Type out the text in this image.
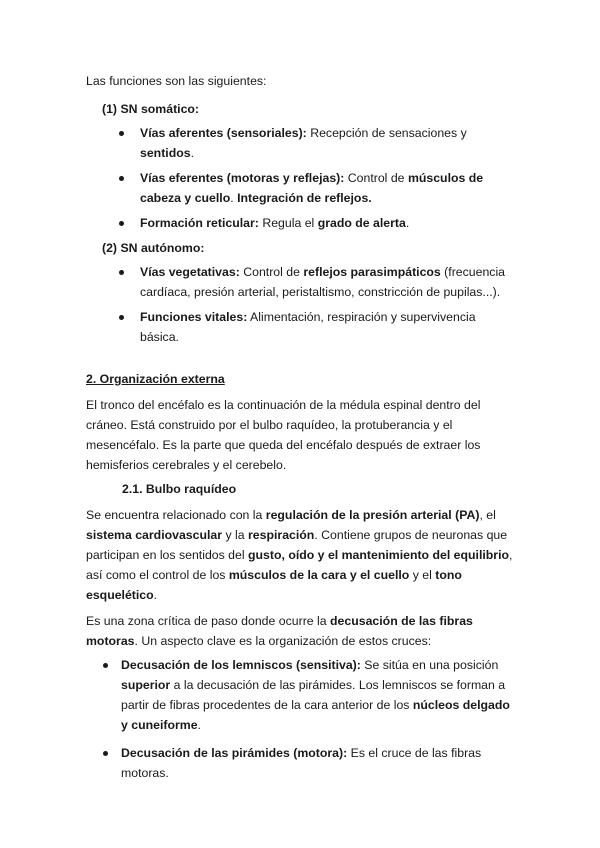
Las funciones son las siguientes:

(1) SN somático:

Vías aferentes (sensoriales): Recepción de sensaciones y sentidos.
Vías eferentes (motoras y reflejas): Control de músculos de cabeza y cuello. Integración de reflejos.
Formación reticular: Regula el grado de alerta.

(2) SN autónomo:

Vías vegetativas: Control de reflejos parasimpáticos (frecuencia cardíaca, presión arterial, peristaltismo, constricción de pupilas...).
Funciones vitales: Alimentación, respiración y supervivencia básica.

2. Organización externa

El tronco del encéfalo es la continuación de la médula espinal dentro del cráneo. Está construido por el bulbo raquídeo, la protuberancia y el mesencéfalo. Es la parte que queda del encéfalo después de extraer los hemisferios cerebrales y el cerebelo.

2.1. Bulbo raquídeo

Se encuentra relacionado con la regulación de la presión arterial (PA), el sistema cardiovascular y la respiración. Contiene grupos de neuronas que participan en los sentidos del gusto, oído y el mantenimiento del equilibrio, así como el control de los músculos de la cara y el cuello y el tono esquelético.

Es una zona crítica de paso donde ocurre la decusación de las fibras motoras. Un aspecto clave es la organización de estos cruces:

Decusación de los lemniscos (sensitiva): Se sitúa en una posición superior a la decusación de las pirámides. Los lemniscos se forman a partir de fibras procedentes de la cara anterior de los núcleos delgado y cuneiforme.
Decusación de las pirámides (motora): Es el cruce de las fibras motoras.
